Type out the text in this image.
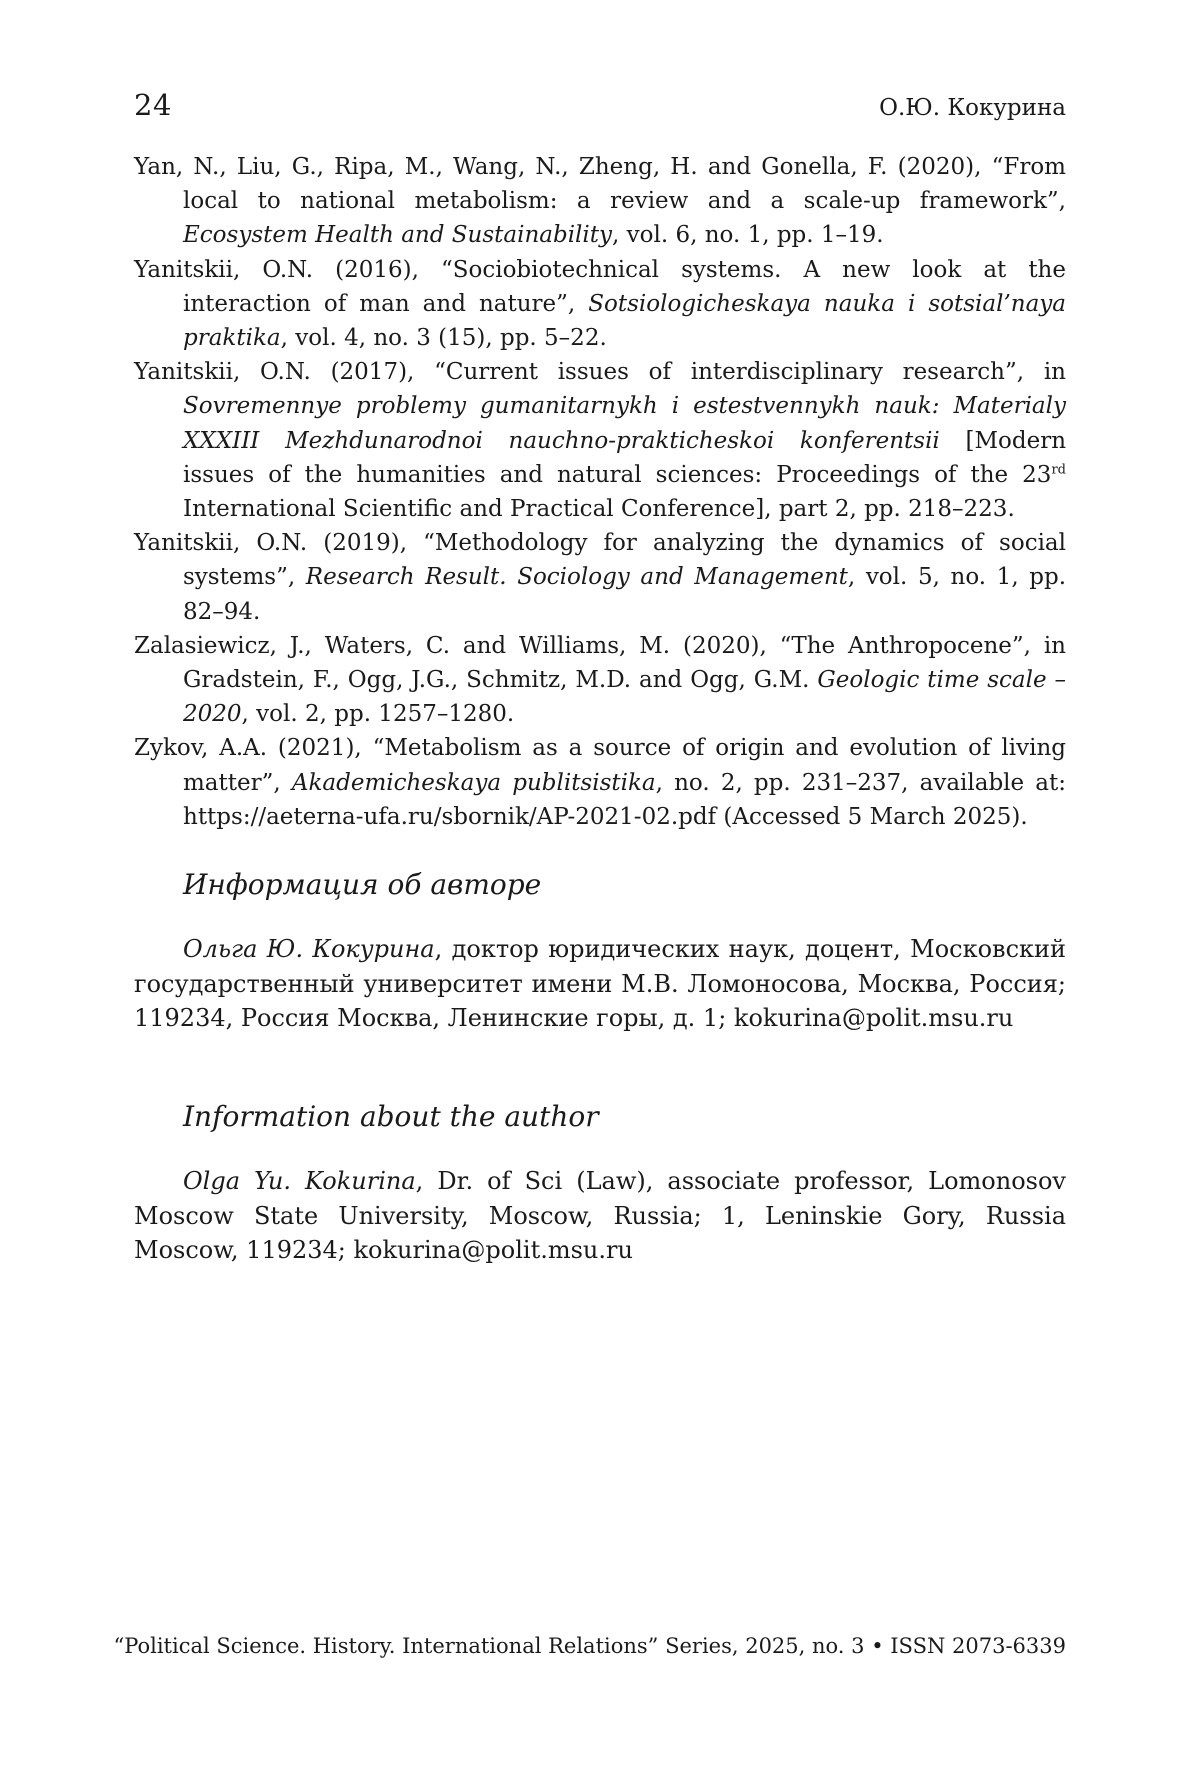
24	О.Ю. Кокурина

Yan, N., Liu, G., Ripa, M., Wang, N., Zheng, H. and Gonella, F. (2020), “From local to national metabolism: a review and a scale-up framework”, Ecosystem Health and Sustainability, vol. 6, no. 1, pp. 1–19.

Yanitskii, O.N. (2016), “Sociobiotechnical systems. A new look at the interaction of man and nature”, Sotsiologicheskaya nauka i sotsial’naya praktika, vol. 4, no. 3 (15), pp. 5–22.

Yanitskii, O.N. (2017), “Current issues of interdisciplinary research”, in Sovremennye problemy gumanitarnykh i estestvennykh nauk: Materialy XXXIII Mezhdunarodnoi nauchno-prakticheskoi konferentsii [Modern issues of the humanities and natural sciences: Proceedings of the 23rd International Scientific and Practical Conference], part 2, pp. 218–223.

Yanitskii, O.N. (2019), “Methodology for analyzing the dynamics of social systems”, Research Result. Sociology and Management, vol. 5, no. 1, pp. 82–94.

Zalasiewicz, J., Waters, C. and Williams, M. (2020), “The Anthropocene”, in Grad­stein, F., Ogg, J.G., Schmitz, M.D. and Ogg, G.M. Geologic time scale – 2020, vol. 2, pp. 1257–1280.

Zykov, A.A. (2021), “Metabolism as a source of origin and evolution of living matter”, Akademicheskaya publitsistika, no. 2, pp. 231–237, available at: https://aeterna-ufa.ru/sbornik/AP-2021-02.pdf (Accessed 5 March 2025).

Информация об авторе

Ольга Ю. Кокурина, доктор юридических наук, доцент, Московский государственный университет имени М.В. Ломоносова, Москва, Россия; 119234, Россия Москва, Ленинские горы, д. 1; kokurina@polit.msu.ru

Information about the author

Olga Yu. Kokurina, Dr. of Sci (Law), associate professor, Lomonosov Mos­cow State University, Moscow, Russia; 1, Leninskie Gory, Russia Moscow, 119234; kokurina@polit.msu.ru

“Political Science. History. International Relations” Series, 2025, no. 3 • ISSN 2073-6339
